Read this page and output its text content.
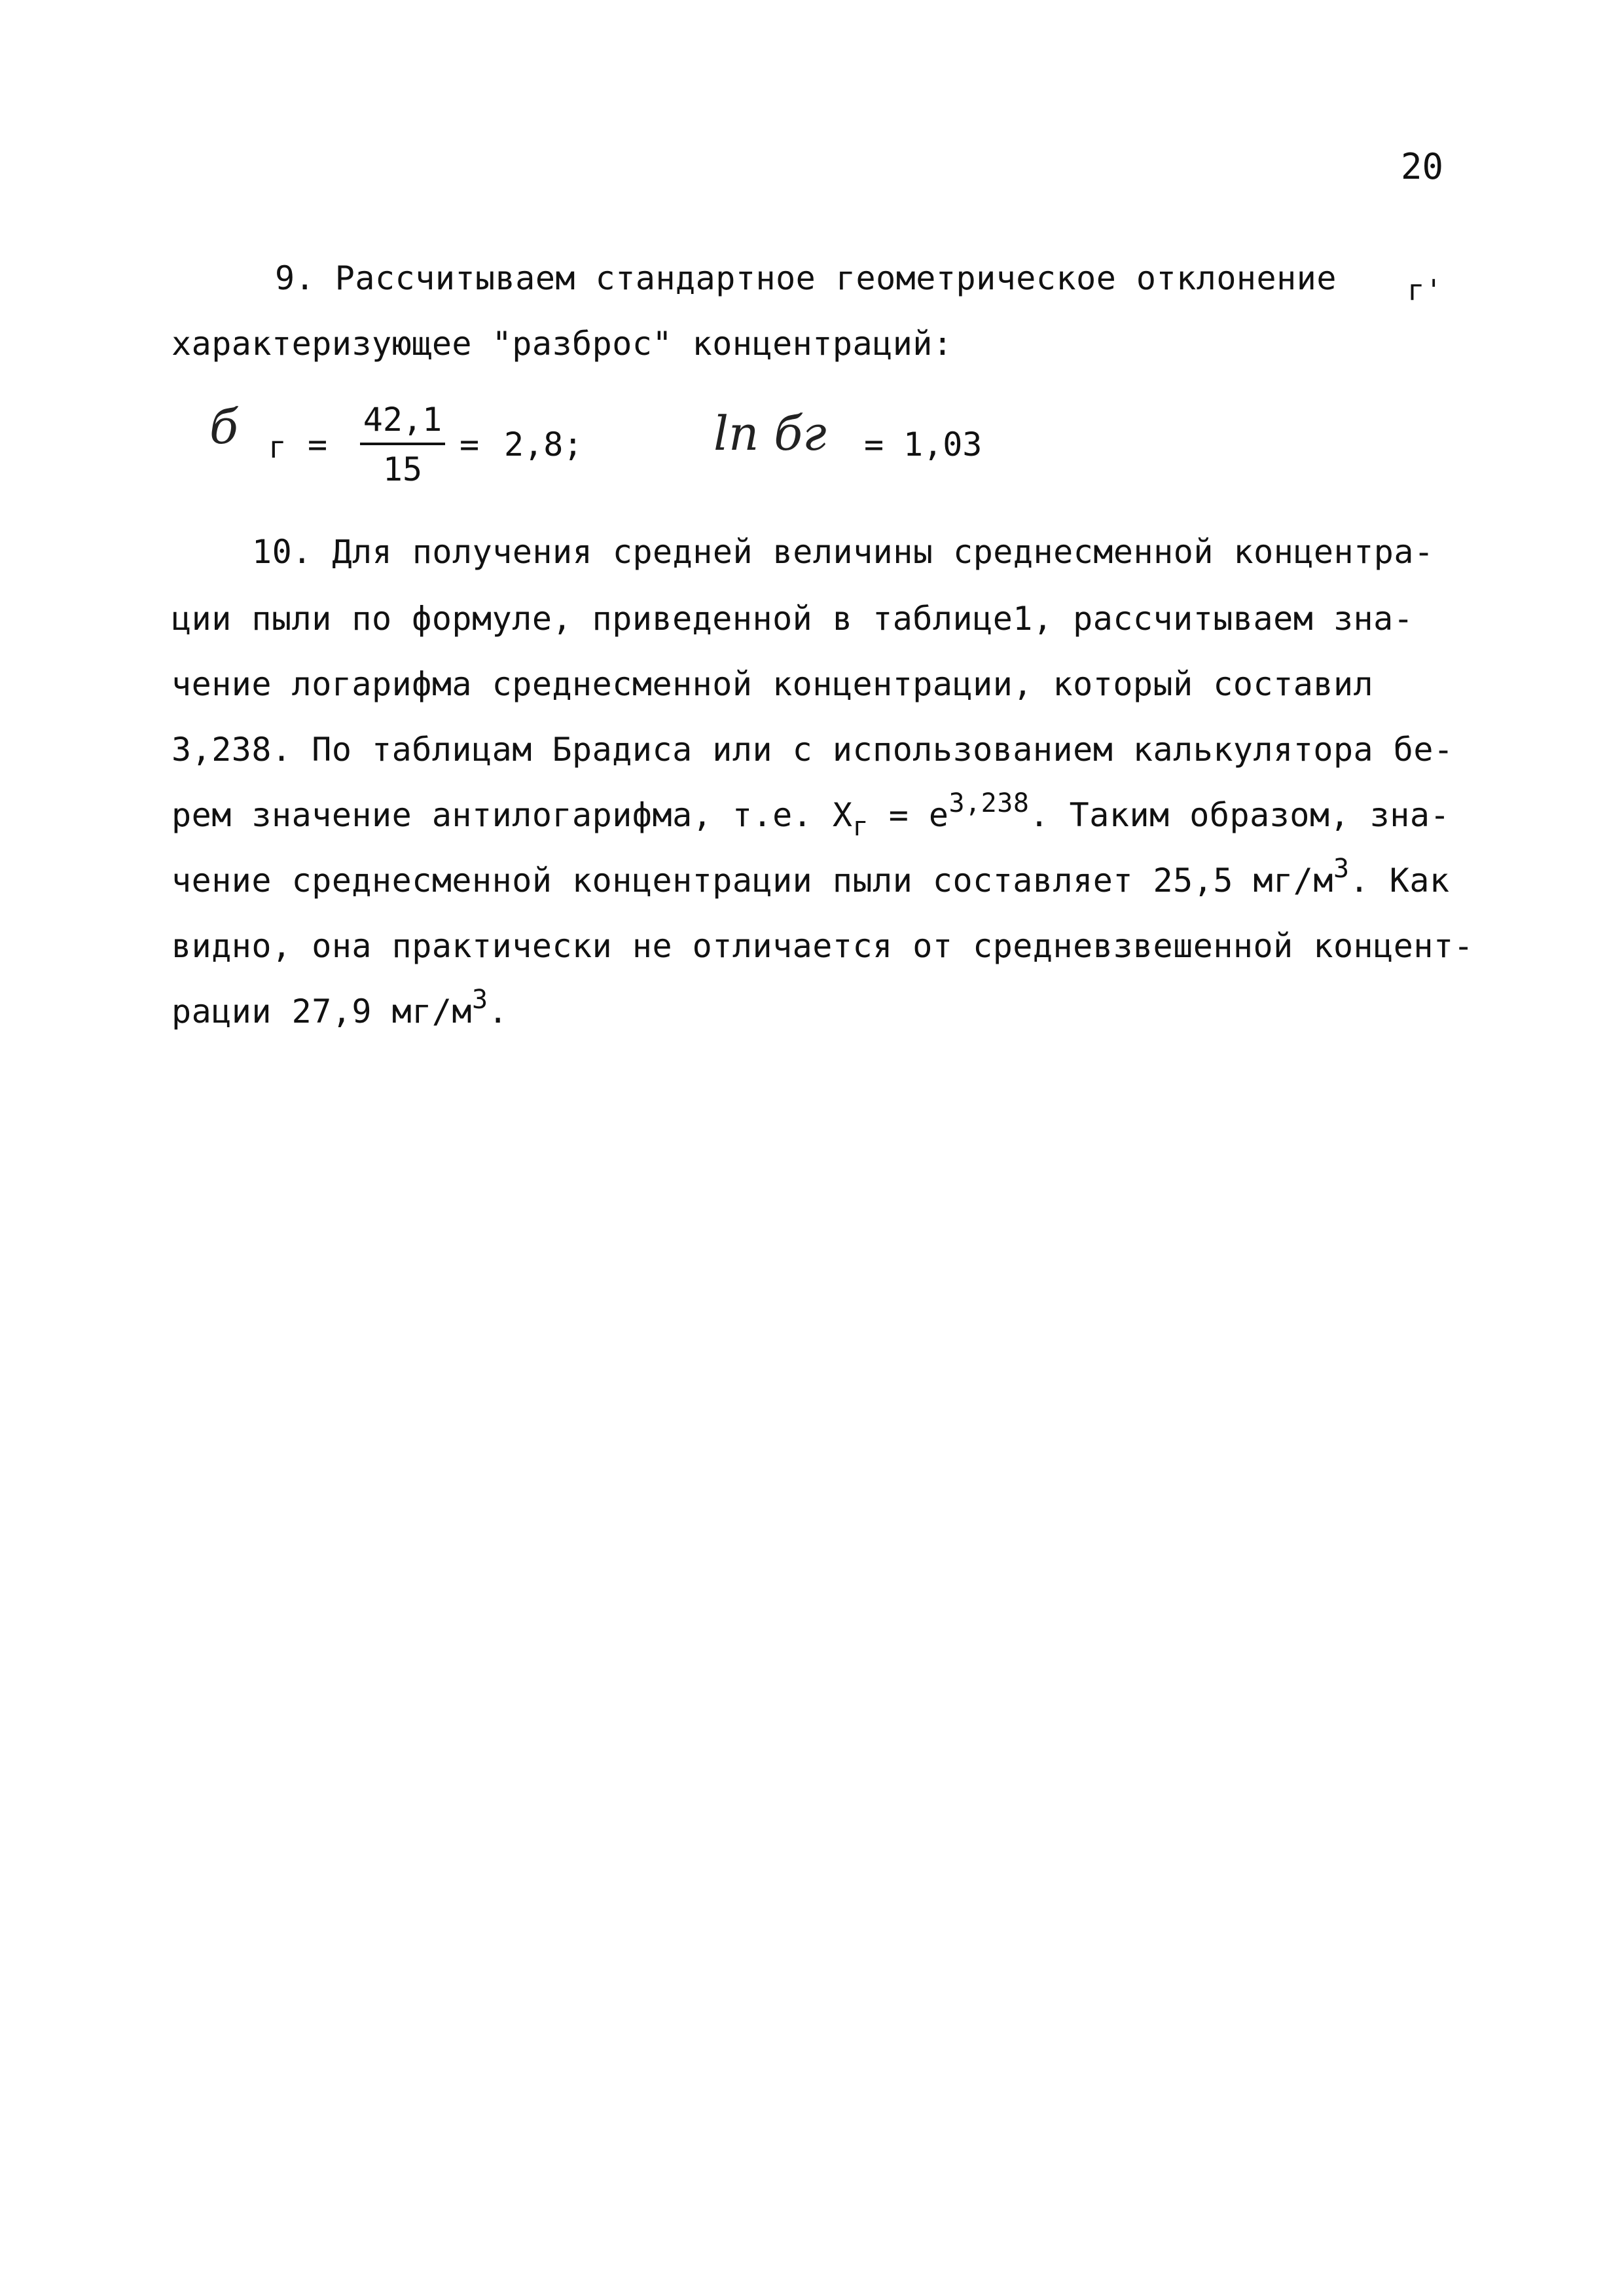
20
9. Рассчитываем стандартное геометрическое отклонение г'
характеризующее "разброс" концентраций:
б $г = \frac{42,1}{15} = 2,8$;	ln бг = 1,03
10. Для получения средней величины среднесменной концентра-
ции пыли по формуле, приведенной в таблице1, рассчитываем зна-
чение логарифма среднесменной концентрации, который составил
3,238. По таблицам Брадиса или с использованием калькулятора бе-
рем значение антилогарифма, т.е. $X_г = e^{3,238}$. Таким образом, зна-
чение среднесменной концентрации пыли составляет 25,5 $мг/м^3$. Как
видно, она практически не отличается от средневзвешенной концент-
рации 27,9 $мг/м^3$.
